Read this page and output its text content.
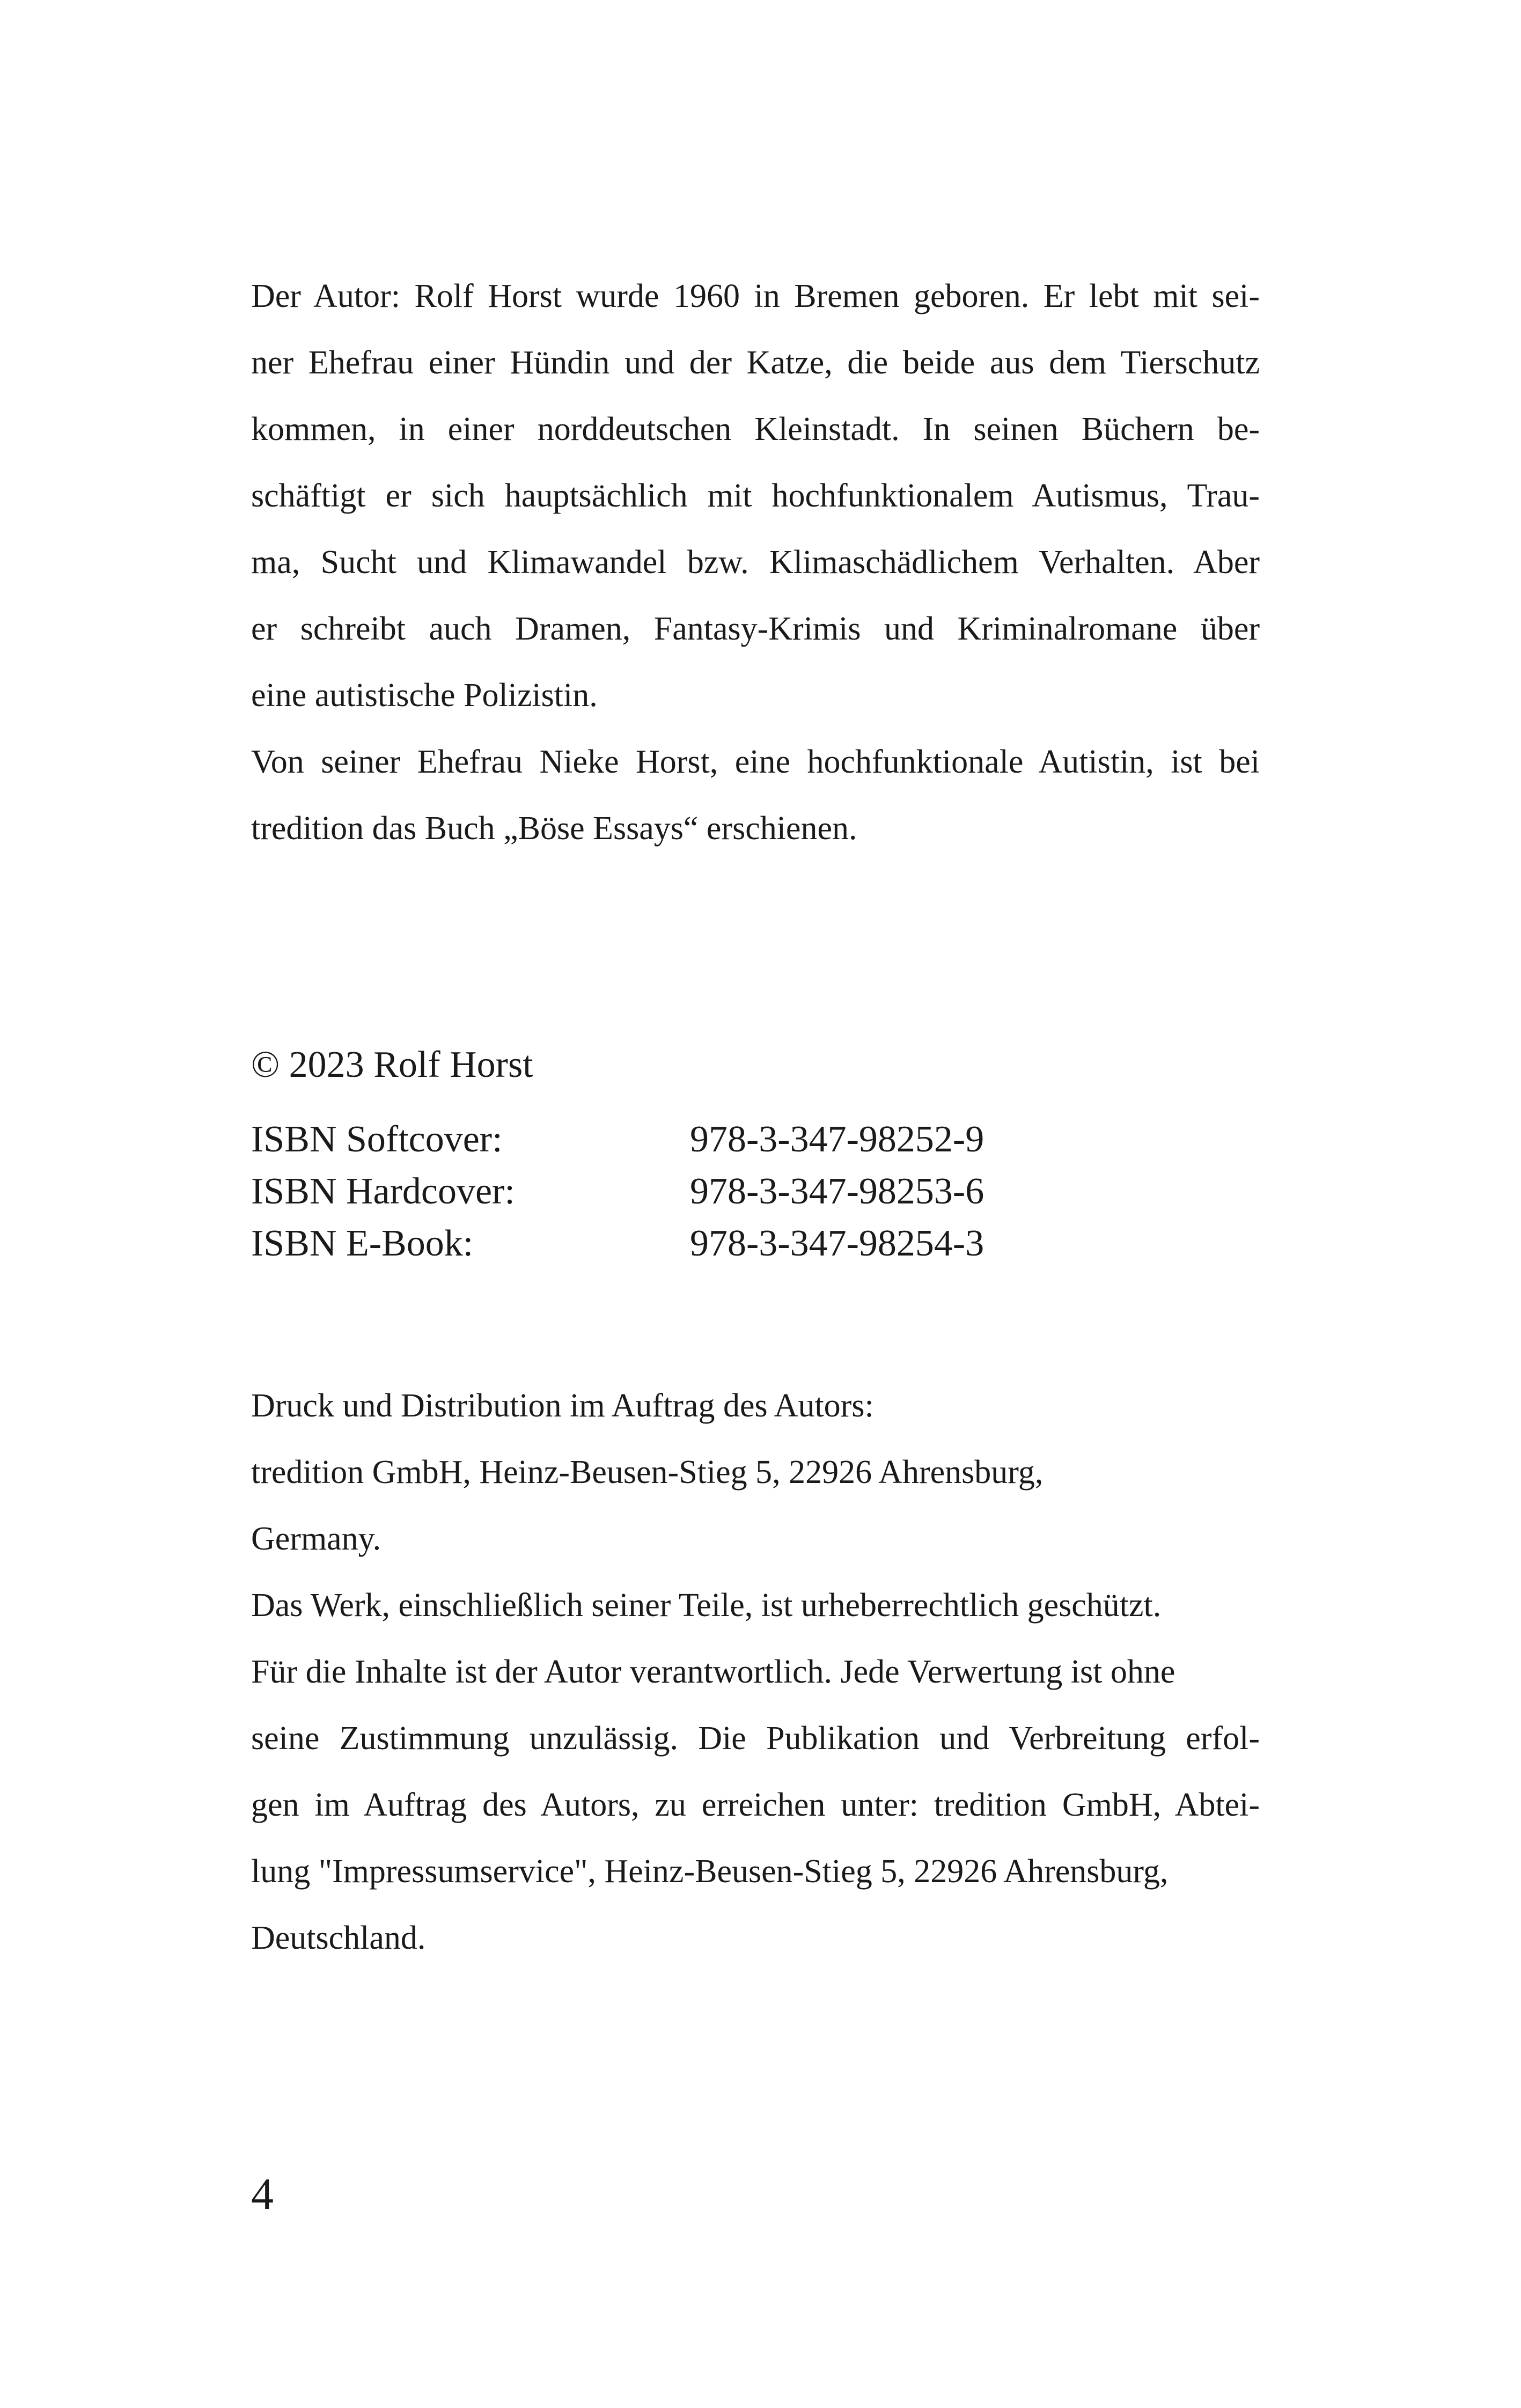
Der Autor: Rolf Horst wurde 1960 in Bremen geboren. Er lebt mit sei-
ner Ehefrau einer Hündin und der Katze, die beide aus dem Tierschutz
kommen, in einer norddeutschen Kleinstadt. In seinen Büchern be-
schäftigt er sich hauptsächlich mit hochfunktionalem Autismus, Trau-
ma, Sucht und Klimawandel bzw. Klimaschädlichem Verhalten. Aber
er schreibt auch Dramen, Fantasy-Krimis und Kriminalromane über
eine autistische Polizistin.
Von seiner Ehefrau Nieke Horst, eine hochfunktionale Autistin, ist bei
tredition das Buch „Böse Essays“ erschienen.
© 2023 Rolf Horst
ISBN Softcover:	978-3-347-98252-9
ISBN Hardcover:	978-3-347-98253-6
ISBN E-Book:	978-3-347-98254-3
Druck und Distribution im Auftrag des Autors:
tredition GmbH, Heinz-Beusen-Stieg 5, 22926 Ahrensburg,
Germany.
Das Werk, einschließlich seiner Teile, ist urheberrechtlich geschützt.
Für die Inhalte ist der Autor verantwortlich. Jede Verwertung ist ohne
seine Zustimmung unzulässig. Die Publikation und Verbreitung erfol-
gen im Auftrag des Autors, zu erreichen unter: tredition GmbH, Abtei-
lung "Impressumservice", Heinz-Beusen-Stieg 5, 22926 Ahrensburg,
Deutschland.
4
